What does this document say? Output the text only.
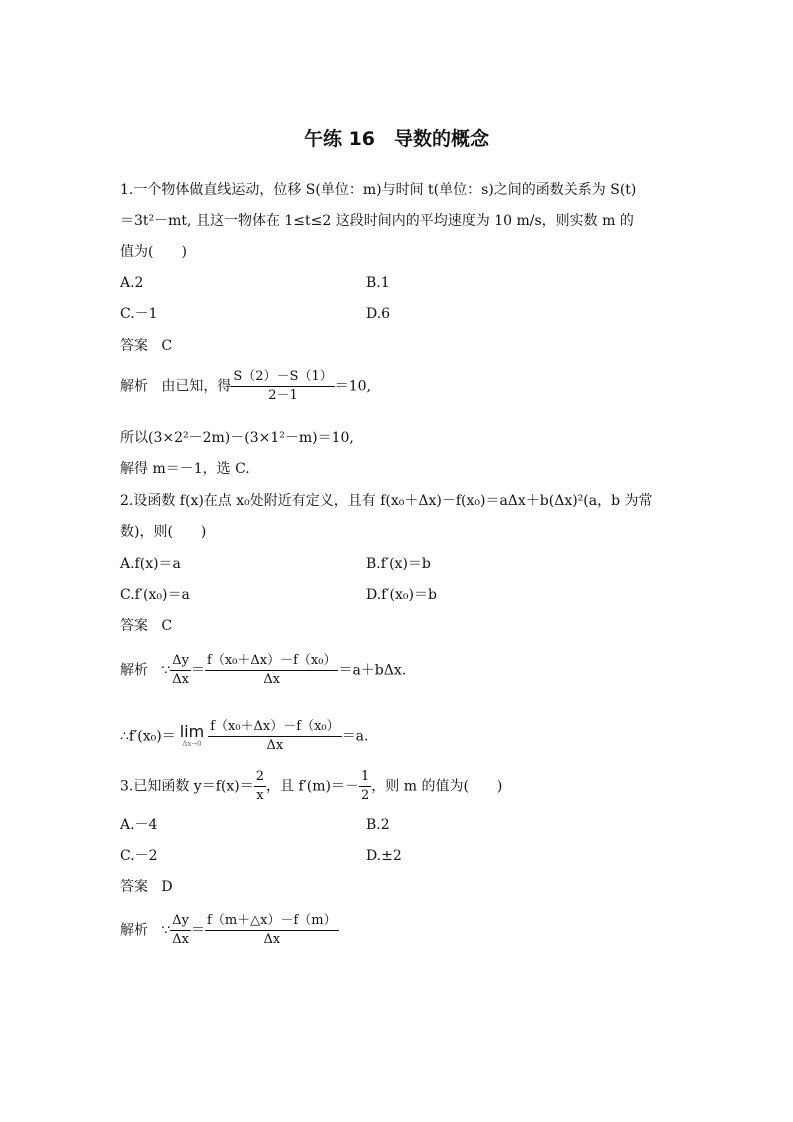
午练 16　导数的概念
1.一个物体做直线运动，位移 S(单位：m)与时间 t(单位：s)之间的函数关系为 S(t)
＝3t²－mt, 且这一物体在 1≤t≤2 这段时间内的平均速度为 10 m/s，则实数 m 的
值为(　　)
A.2	B.1
C.－1	D.6
答案 C
解析 由已知，得 $\frac{S(2)-S(1)}{2-1} =10$,
所以(3×2²－2m)－(3×1²－m)＝10,
解得 m＝－1，选 C.
2.设函数 f(x)在点 x₀处附近有定义，且有 f(x₀＋Δx)－f(x₀)＝aΔx＋b(Δx)²(a，b 为常
数)，则(　　)
A.f(x)＝a	B.f′(x)＝b
C.f′(x₀)＝a	D.f′(x₀)＝b
答案 C
解析 ∵ $\frac{\Delta y}{\Delta x} = \frac{\text{f（x₀＋Δx）－f（x₀）}}{\Delta x} =a+b\Delta x$.
∴f′(x₀)＝ lim
$\Delta x\to 0 \frac{\text{f（x₀＋Δx）－f（x₀）}}{\Delta x} =a$.
3.已知函数 $y=f(x)= \frac{2}{x}$ ，且 $f'(m)=- \frac{1}{2}$ ，则 m 的值为(　　)
A.－4	B.2
C.－2	D.±2
答案 D
解析 ∵ $\frac{\Delta y}{\Delta x} = \frac{f(m+\triangle x)-f(m)}{\Delta x}$
